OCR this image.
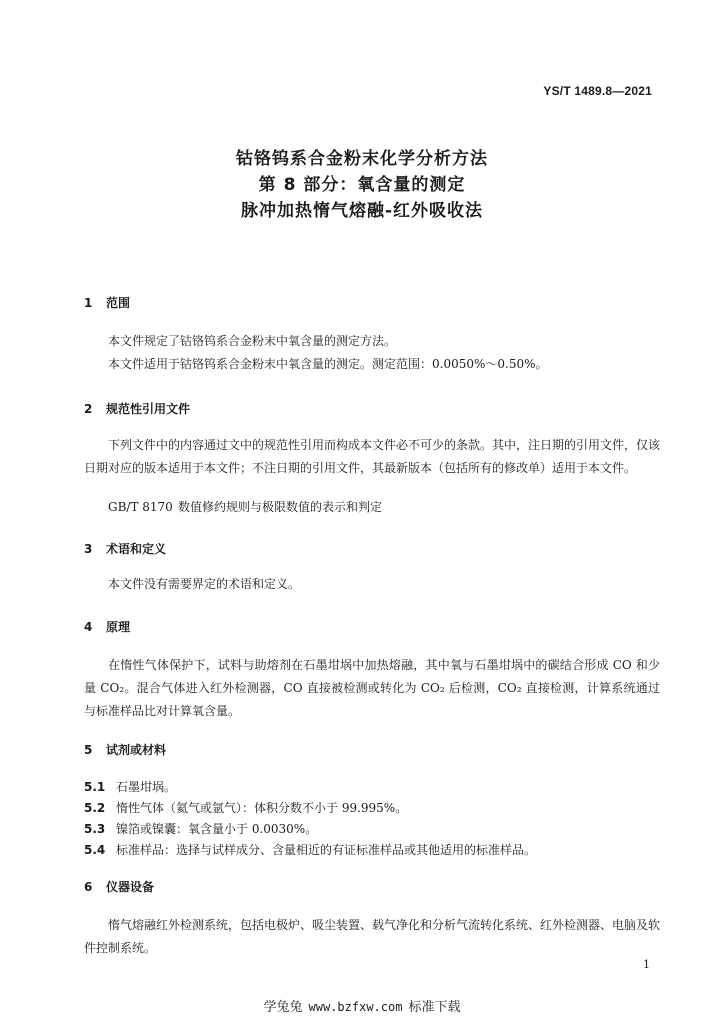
YS/T 1489.8—2021
钴铬钨系合金粉末化学分析方法
第 8 部分：氧含量的测定
脉冲加热惰气熔融-红外吸收法
1 范围
本文件规定了钴铬钨系合金粉末中氧含量的测定方法。
本文件适用于钴铬钨系合金粉末中氧含量的测定。测定范围：0.0050%～0.50%。
2 规范性引用文件
下列文件中的内容通过文中的规范性引用而构成本文件必不可少的条款。其中，注日期的引用文件，仅该日期对应的版本适用于本文件；不注日期的引用文件，其最新版本（包括所有的修改单）适用于本文件。
GB/T 8170 数值修约规则与极限数值的表示和判定
3 术语和定义
本文件没有需要界定的术语和定义。
4 原理
在惰性气体保护下，试料与助熔剂在石墨坩埚中加热熔融，其中氧与石墨坩埚中的碳结合形成 CO 和少量 CO₂。混合气体进入红外检测器，CO 直接被检测或转化为 CO₂ 后检测，CO₂ 直接检测，计算系统通过与标准样品比对计算氧含量。
5 试剂或材料
5.1 石墨坩埚。
5.2 惰性气体（氦气或氩气）：体积分数不小于 99.995%。
5.3 镍箔或镍囊：氧含量小于 0.0030%。
5.4 标准样品：选择与试样成分、含量相近的有证标准样品或其他适用的标准样品。
6 仪器设备
惰气熔融红外检测系统，包括电极炉、吸尘装置、载气净化和分析气流转化系统、红外检测器、电脑及软件控制系统。
1
学兔兔 www.bzfxw.com 标准下载
